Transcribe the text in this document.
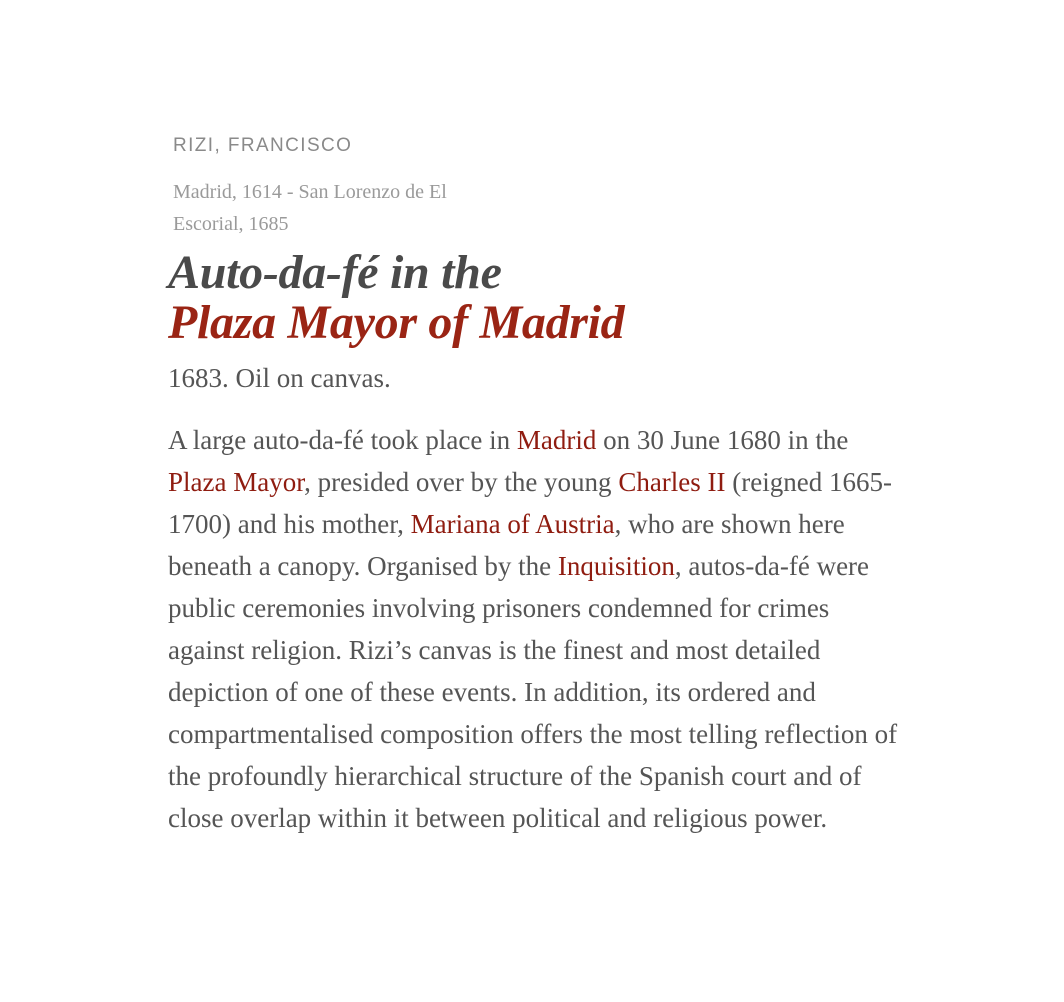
RIZI, FRANCISCO
Madrid, 1614 - San Lorenzo de El Escorial, 1685
Auto-da-fé in the
Plaza Mayor of Madrid
1683. Oil on canvas.

A large auto-da-fé took place in Madrid on 30 June 1680 in the Plaza Mayor, presided over by the young Charles II (reigned 1665-1700) and his mother, Mariana of Austria, who are shown here beneath a canopy. Organised by the Inquisition, autos-da-fé were public ceremonies involving prisoners condemned for crimes against religion. Rizi’s canvas is the finest and most detailed depiction of one of these events. In addition, its ordered and compartmentalised composition offers the most telling reflection of the profoundly hierarchical structure of the Spanish court and of close overlap within it between political and religious power.
